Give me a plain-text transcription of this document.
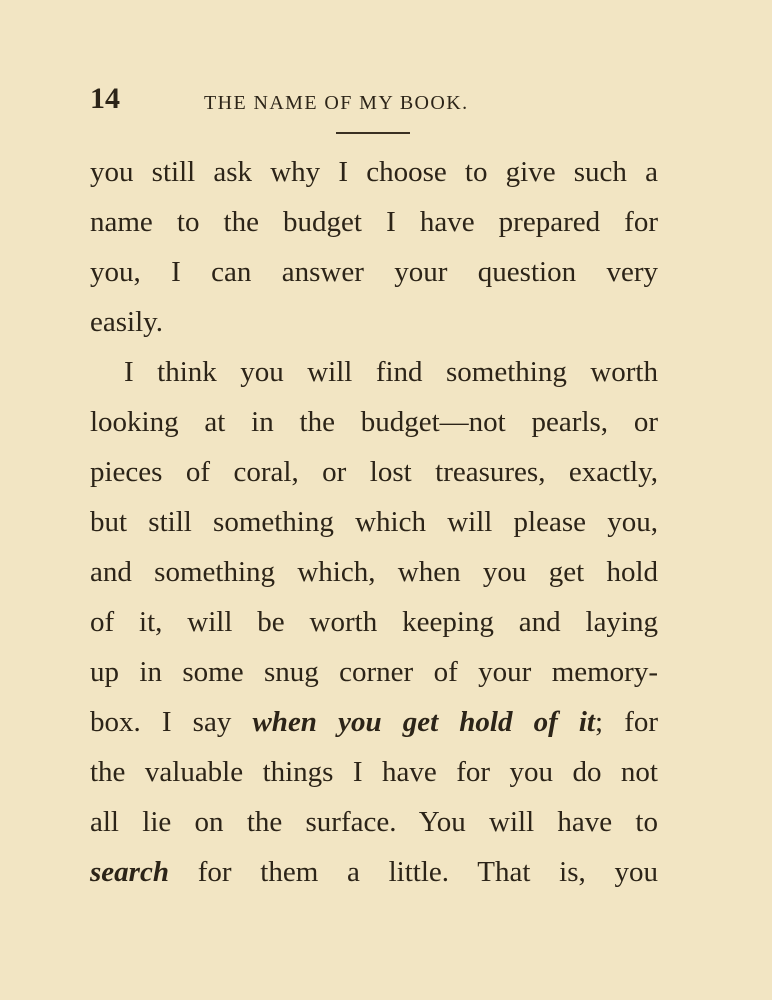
14	THE NAME OF MY BOOK.
you still ask why I choose to give such a
name to the budget I have prepared for
you, I can answer your question very
easily.
I think you will find something worth
looking at in the budget—not pearls, or
pieces of coral, or lost treasures, exactly,
but still something which will please you,
and something which, when you get hold
of it, will be worth keeping and laying
up in some snug corner of your memory-
box. I say when you get hold of it; for
the valuable things I have for you do not
all lie on the surface. You will have to
search for them a little. That is, you
